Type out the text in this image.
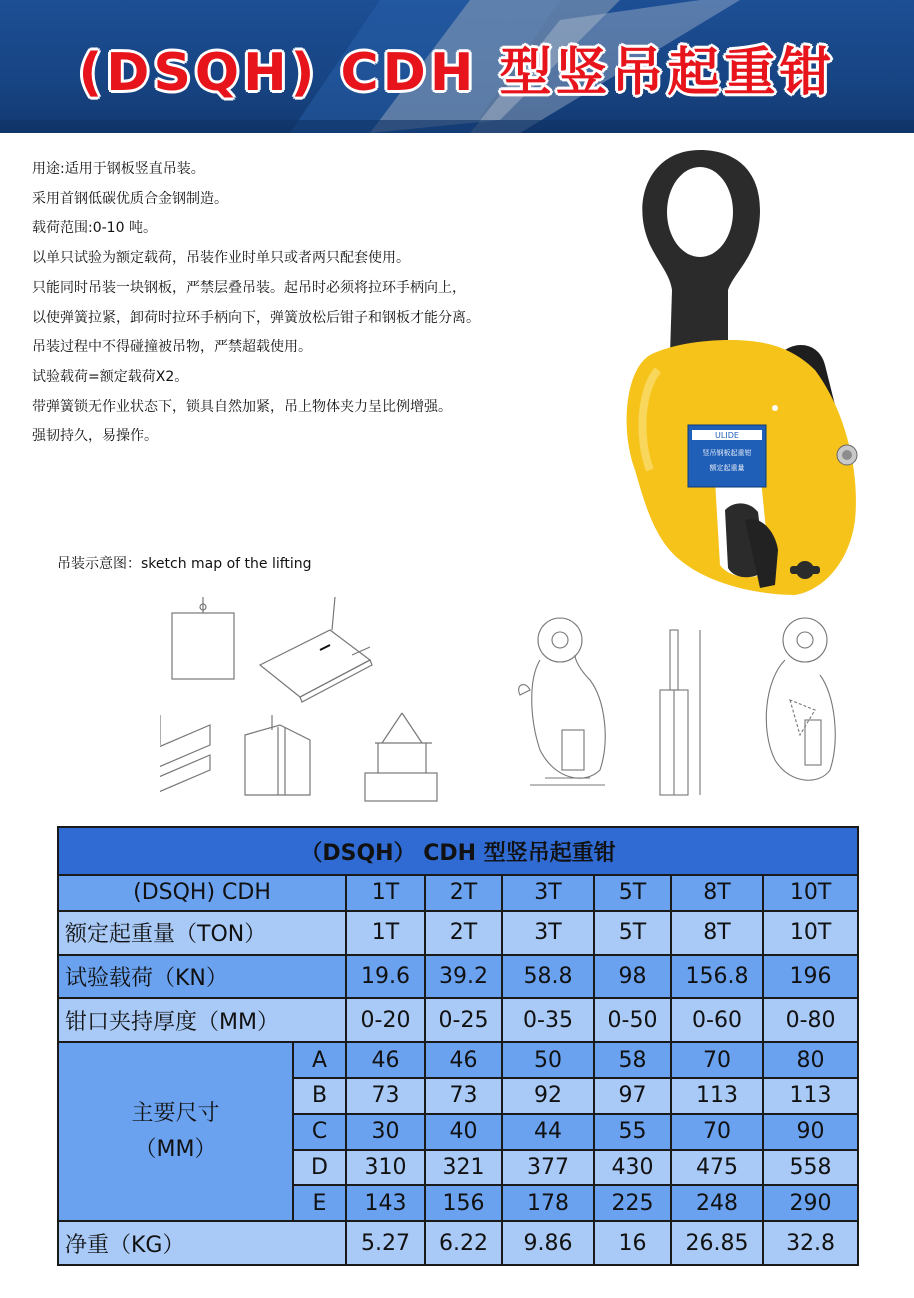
(DSQH) CDH 型竖吊起重钳
用途:适用于钢板竖直吊装。
采用首钢低碳优质合金钢制造。
载荷范围:0-10 吨。
以单只试验为额定载荷，吊装作业时单只或者两只配套使用。
只能同时吊装一块钢板，严禁层叠吊装。起吊时必须将拉环手柄向上，
以使弹簧拉紧，卸荷时拉环手柄向下，弹簧放松后钳子和钢板才能分离。
吊装过程中不得碰撞被吊物，严禁超载使用。
试验载荷=额定载荷X2。
带弹簧锁无作业状态下，锁具自然加紧，吊上物体夹力呈比例增强。
强韧持久，易操作。	ULIDE
竖吊钢板起重钳
额定起重量
吊装示意图：sketch map of the lifting
（DSQH） CDH 型竖吊起重钳							
(DSQH) CDH		1T	2T	3T	5T	8T	10T
额定起重量（TON）		1T	2T	3T	5T	8T	10T
试验载荷（KN）		19.6	39.2	58.8	98	156.8	196
钳口夹持厚度（MM）		0-20	0-25	0-35	0-50	0-60	0-80

主要尺寸
（MM）	A	46	46	50	58	70	80
	B	73	73	92	97	113	113
	C	30	40	44	55	70	90
	D	310	321	377	430	475	558
	E	143	156	178	225	248	290
净重（KG）		5.27	6.22	9.86	16	26.85	32.8
